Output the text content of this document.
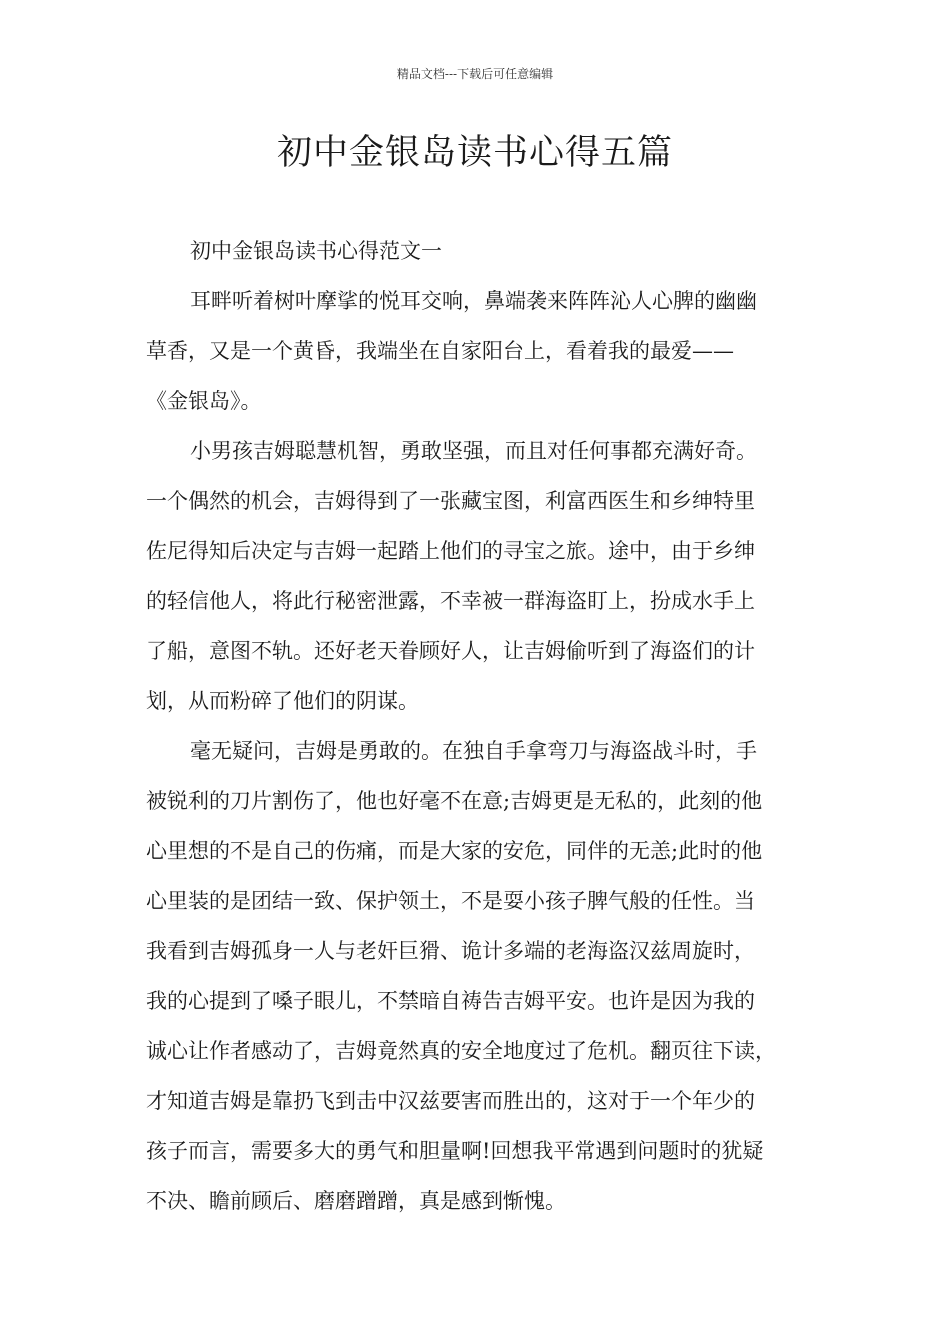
精品文档---下载后可任意编辑
初中金银岛读书心得五篇

初中金银岛读书心得范文一

耳畔听着树叶摩挲的悦耳交响，鼻端袭来阵阵沁人心脾的幽幽
草香，又是一个黄昏，我端坐在自家阳台上，看着我的最爱——
《金银岛》。

小男孩吉姆聪慧机智，勇敢坚强，而且对任何事都充满好奇。
一个偶然的机会，吉姆得到了一张藏宝图，利富西医生和乡绅特里
佐尼得知后决定与吉姆一起踏上他们的寻宝之旅。途中，由于乡绅
的轻信他人，将此行秘密泄露，不幸被一群海盗盯上，扮成水手上
了船，意图不轨。还好老天眷顾好人，让吉姆偷听到了海盗们的计
划，从而粉碎了他们的阴谋。

毫无疑问，吉姆是勇敢的。在独自手拿弯刀与海盗战斗时，手
被锐利的刀片割伤了，他也好毫不在意;吉姆更是无私的，此刻的他
心里想的不是自己的伤痛，而是大家的安危，同伴的无恙;此时的他
心里装的是团结一致、保护领土，不是耍小孩子脾气般的任性。当
我看到吉姆孤身一人与老奸巨猾、诡计多端的老海盗汉兹周旋时，
我的心提到了嗓子眼儿，不禁暗自祷告吉姆平安。也许是因为我的
诚心让作者感动了，吉姆竟然真的安全地度过了危机。翻页往下读，
才知道吉姆是靠扔飞到击中汉兹要害而胜出的，这对于一个年少的
孩子而言，需要多大的勇气和胆量啊!回想我平常遇到问题时的犹疑
不决、瞻前顾后、磨磨蹭蹭，真是感到惭愧。
